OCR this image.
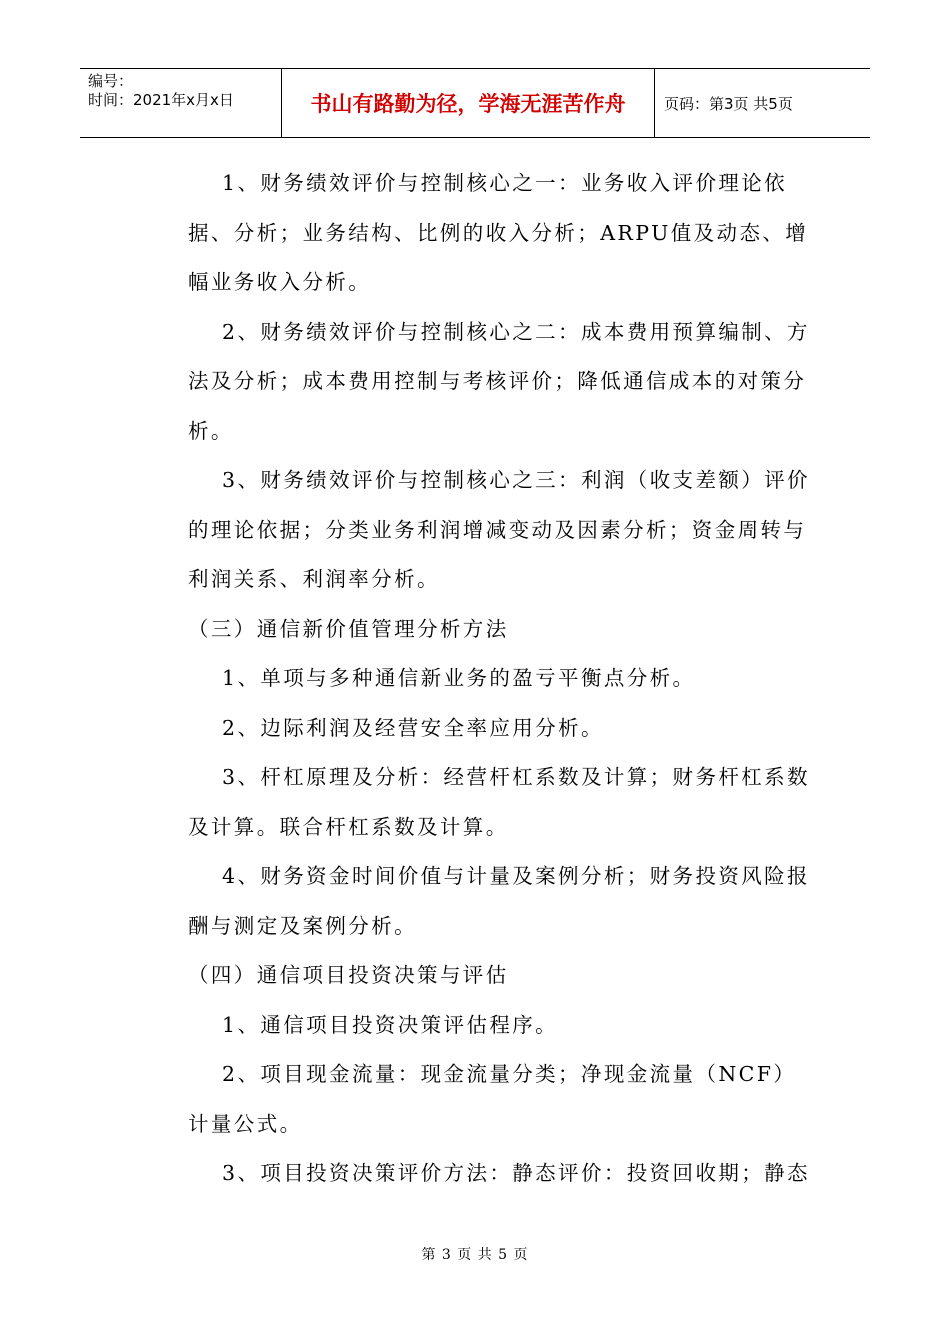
编号：
时间：2021年x月x日	书山有路勤为径，学海无涯苦作舟	页码：第3页 共5页

1、财务绩效评价与控制核心之一：业务收入评价理论依据、分析；业务结构、比例的收入分析；ARPU值及动态、增幅业务收入分析。

2、财务绩效评价与控制核心之二：成本费用预算编制、方法及分析；成本费用控制与考核评价；降低通信成本的对策分析。

3、财务绩效评价与控制核心之三：利润（收支差额）评价的理论依据；分类业务利润增减变动及因素分析；资金周转与利润关系、利润率分析。

（三）通信新价值管理分析方法

1、单项与多种通信新业务的盈亏平衡点分析。

2、边际利润及经营安全率应用分析。

3、杆杠原理及分析：经营杆杠系数及计算；财务杆杠系数及计算。联合杆杠系数及计算。

4、财务资金时间价值与计量及案例分析；财务投资风险报酬与测定及案例分析。

（四）通信项目投资决策与评估

1、通信项目投资决策评估程序。

2、项目现金流量：现金流量分类；净现金流量（NCF）计量公式。

3、项目投资决策评价方法：静态评价：投资回收期；静态

第 3 页 共 5 页
